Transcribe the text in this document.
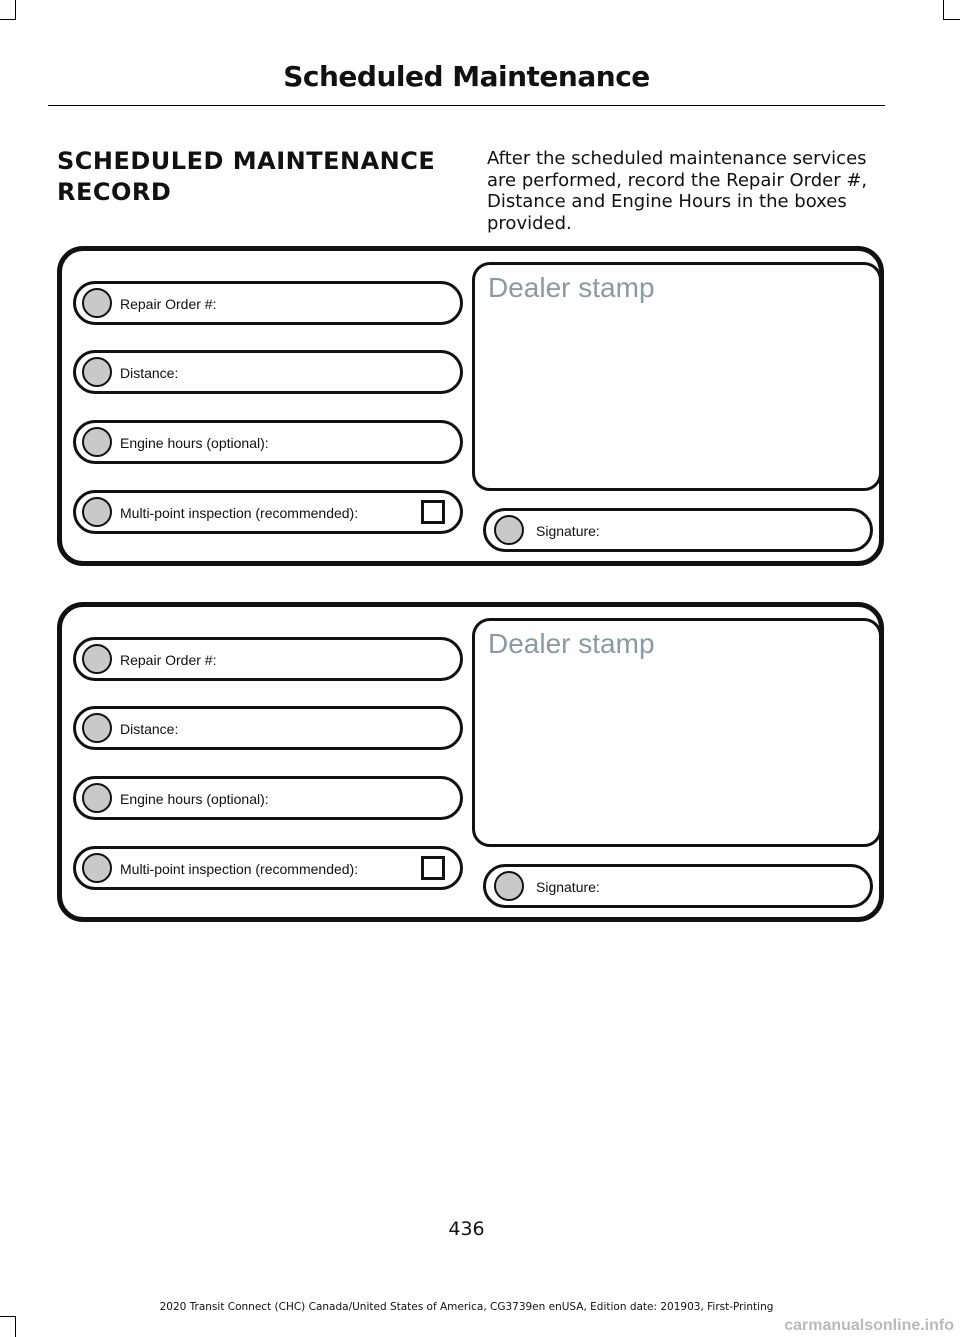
Scheduled Maintenance
SCHEDULED MAINTENANCE
RECORD
After the scheduled maintenance services are performed, record the Repair Order #, Distance and Engine Hours in the boxes provided.
Repair Order #:
Distance:
Engine hours (optional):
Multi-point inspection (recommended):
Dealer stamp
Signature:
Repair Order #:
Distance:
Engine hours (optional):
Multi-point inspection (recommended):
Dealer stamp
Signature:
436
2020 Transit Connect (CHC) Canada/United States of America, CG3739en enUSA, Edition date: 201903, First-Printing
carmanualsonline.info
